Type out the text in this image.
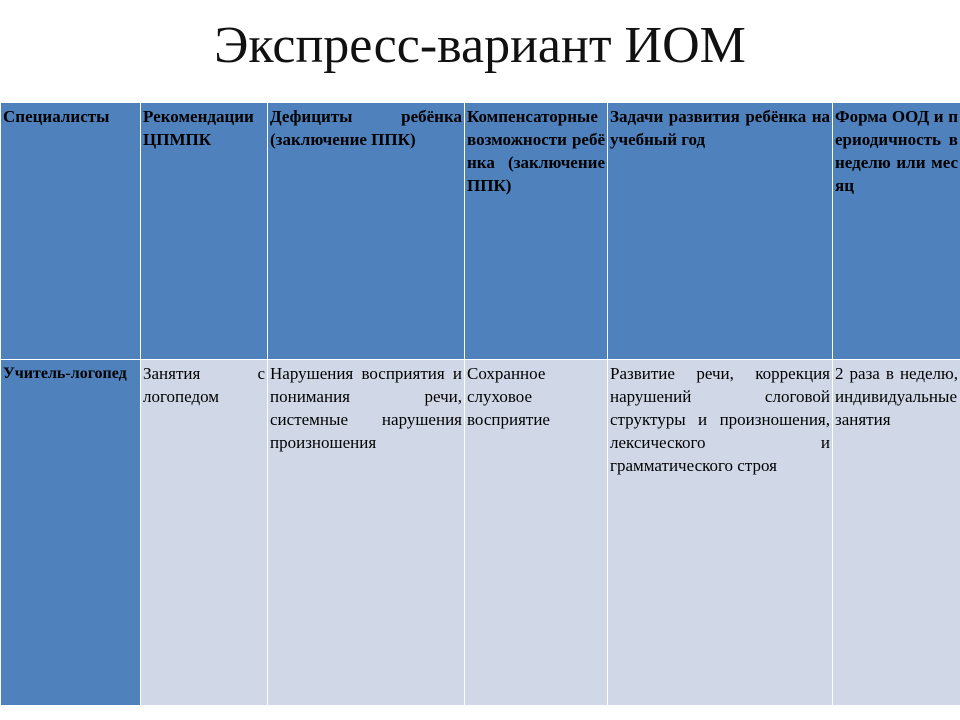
Экспресс-вариант ИОМ
Специалисты	Рекомендации ЦПМПК	Дефициты ребёнка (заключение ППК)	Компенсаторные возможности ребёнка (заключение ППК)	Задачи развития ребёнка на учебный год	Форма ООД и периодичность в неделю или месяц
Учитель-логопед	Занятия с логопедом	Нарушения восприятия и понимания речи, системные нарушения произношения	Сохранное слуховое восприятие	Развитие речи, коррекция нарушений слоговой структуры и произношения, лексического и грамматического строя	2 раза в неделю, индивидуальные занятия
